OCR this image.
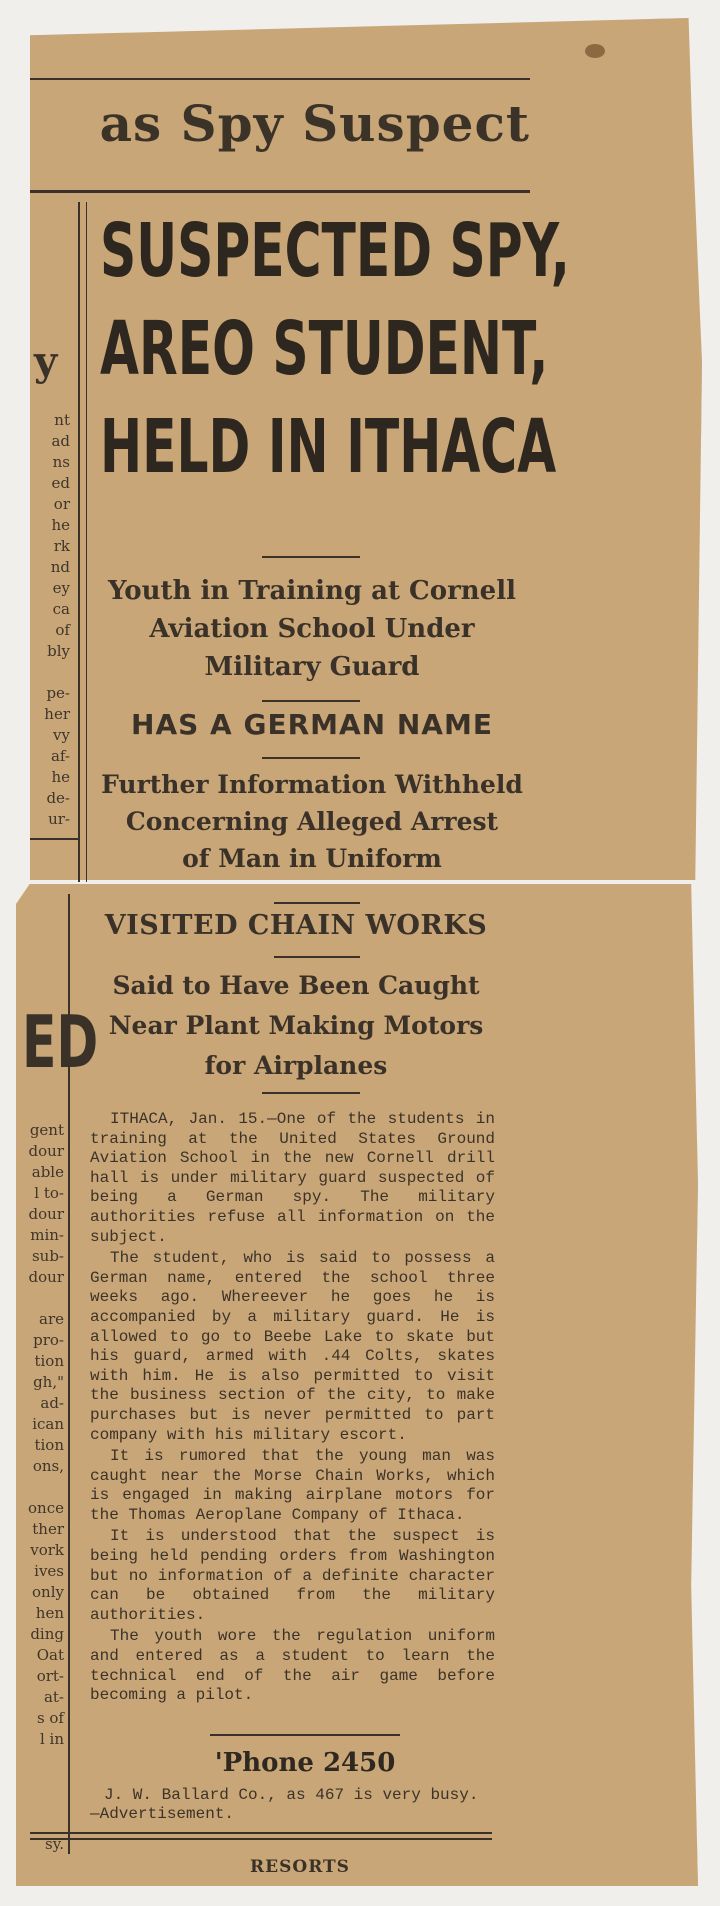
as Spy Suspect
SUSPECTED SPY,
AREO STUDENT,
HELD IN ITHACA
Youth in Training at Cornell
Aviation School Under
Military Guard
HAS A GERMAN NAME
Further Information Withheld
Concerning Alleged Arrest
of Man in Uniform
y
nt
ad
ns
ed
or
he
rk
nd
ey
ca
of
bly
pe-
her
vy
af-
he
de-
ur-
VISITED CHAIN WORKS
Said to Have Been Caught
Near Plant Making Motors
for Airplanes

ITHACA, Jan. 15.—One of the students in training at the United States Ground Aviation School in the new Cornell drill hall is under military guard suspected of being a German spy. The military authorities refuse all information on the subject.

The student, who is said to possess a German name, entered the school three weeks ago. Whereever he goes he is accompanied by a military guard. He is allowed to go to Beebe Lake to skate but his guard, armed with .44 Colts, skates with him. He is also permitted to visit the business section of the city, to make purchases but is never permitted to part company with his military escort.

It is rumored that the young man was caught near the Morse Chain Works, which is engaged in making airplane motors for the Thomas Aeroplane Company of Ithaca.

It is understood that the suspect is being held pending orders from Washington but no information of a definite character can be obtained from the military authorities.

The youth wore the regulation uniform and entered as a student to learn the technical end of the air game before becoming a pilot.

'Phone 2450

J. W. Ballard Co., as 467 is very busy. —Advertisement.

RESORTS
ED
gent
dour
able
l to-
dour
min-
sub-
dour
are
pro-
tion
gh,"
ad-
ican
tion
ons,
once
ther
vork
ives
only
hen
ding
Oat
ort-
at-
s of
l in
sy.
